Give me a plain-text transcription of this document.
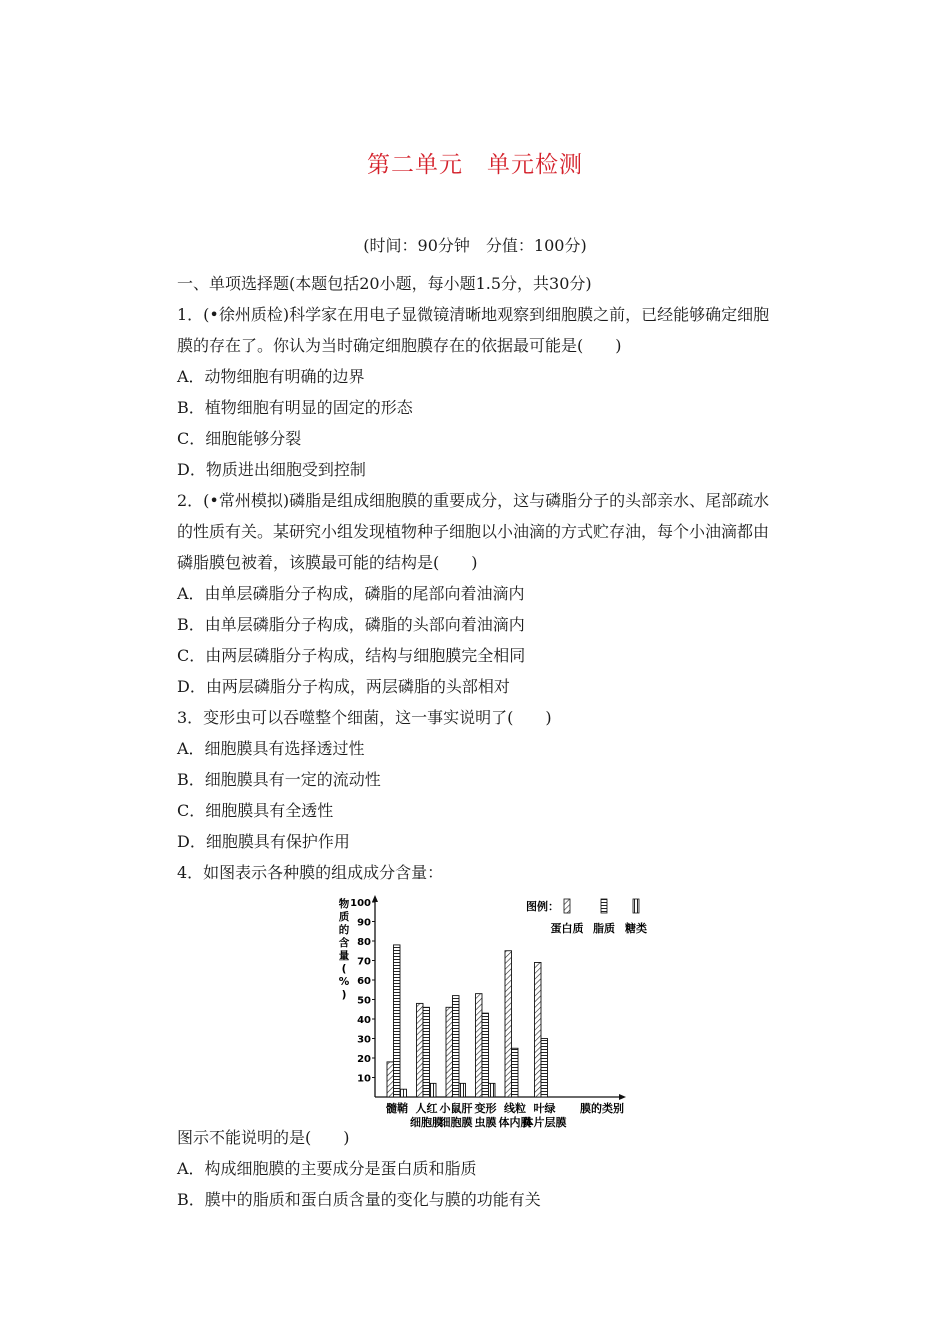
第二单元　单元检测
(时间：90分钟　分值：100分)
一、单项选择题(本题包括20小题，每小题1.5分，共30分)
1．(•徐州质检)科学家在用电子显微镜清晰地观察到细胞膜之前，已经能够确定细胞
膜的存在了。你认为当时确定细胞膜存在的依据最可能是(　　)
A．动物细胞有明确的边界
B．植物细胞有明显的固定的形态
C．细胞能够分裂
D．物质进出细胞受到控制
2．(•常州模拟)磷脂是组成细胞膜的重要成分，这与磷脂分子的头部亲水、尾部疏水
的性质有关。某研究小组发现植物种子细胞以小油滴的方式贮存油，每个小油滴都由
磷脂膜包被着，该膜最可能的结构是(　　)
A．由单层磷脂分子构成，磷脂的尾部向着油滴内
B．由单层磷脂分子构成，磷脂的头部向着油滴内
C．由两层磷脂分子构成，结构与细胞膜完全相同
D．由两层磷脂分子构成，两层磷脂的头部相对
3．变形虫可以吞噬整个细菌，这一事实说明了(　　)
A．细胞膜具有选择透过性
B．细胞膜具有一定的流动性
C．细胞膜具有全透性
D．细胞膜具有保护作用
4．如图表示各种膜的组成成分含量：
10
20
30
40
50
60
70
80
90
100
髓鞘 人红
细胞膜
小鼠肝
细胞膜
变形
虫膜
线粒
体内膜
叶绿
体片层膜
膜的类别
物质的含量( % )
图例：
蛋白质 脂质 糖类
图示不能说明的是(　　)
A．构成细胞膜的主要成分是蛋白质和脂质
B．膜中的脂质和蛋白质含量的变化与膜的功能有关
